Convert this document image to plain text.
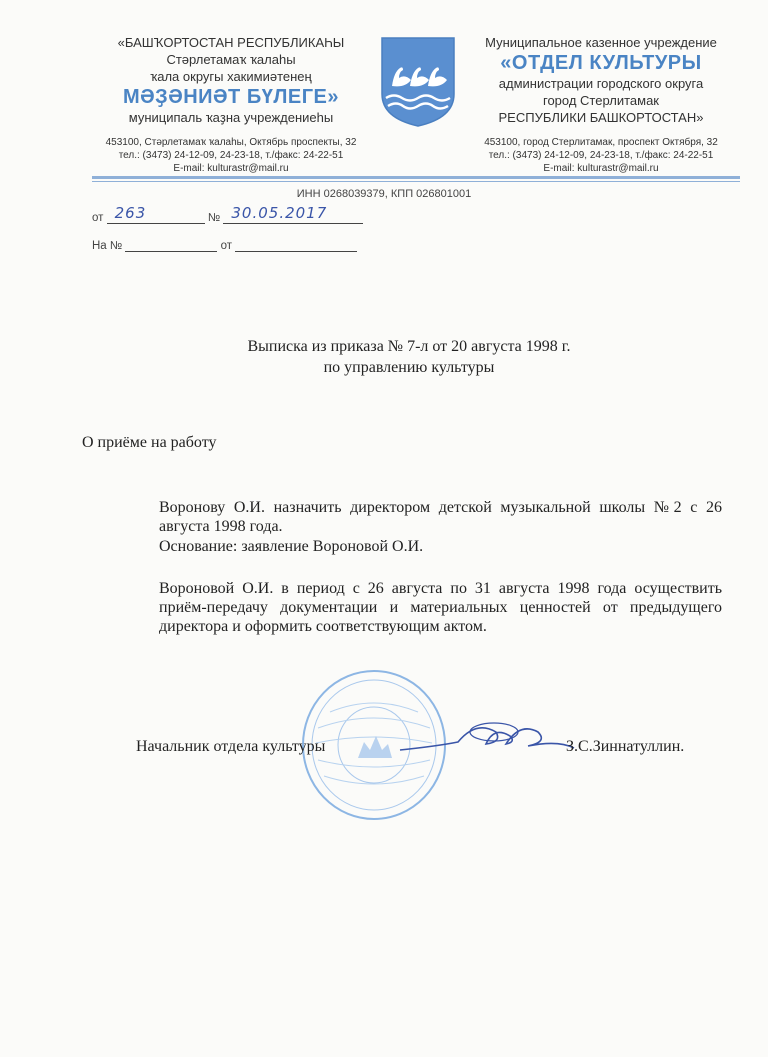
«БАШҠОРТОСТАН РЕСПУБЛИКАҺЫ
Стәрлетамаҡ ҡалаһы
ҡала округы хакимиәтенең
МӘҘӘНИӘТ БҮЛЕГЕ»
муниципаль ҡаҙна учреждениеһы
453100, Стәрлетамаҡ ҡалаһы, Октябрь проспекты, 32
тел.: (3473) 24-12-09, 24-23-18, т./факс: 24-22-51
E-mail: kulturastr@mail.ru
Муниципальное казенное учреждение
«ОТДЕЛ КУЛЬТУРЫ
администрации городского округа
город Стерлитамак
РЕСПУБЛИКИ БАШКОРТОСТАН»
453100, город Стерлитамак, проспект Октября, 32
тел.: (3473) 24-12-09, 24-23-18, т./факс: 24-22-51
E-mail: kulturastr@mail.ru
ИНН 0268039379, КПП 026801001
от 263	№ 30.05.2017
На №	от
Выписка из приказа № 7-л от 20 августа 1998 г.
по управлению культуры
О приёме на работу
Воронову О.И. назначить директором детской музыкальной школы №2 с 26 августа 1998 года.
Основание: заявление Вороновой О.И.
Вороновой О.И. в период с 26 августа по 31 августа 1998 года осуществить приём-передачу документации и материальных ценностей от предыдущего директора и оформить соответствующим актом.
Начальник отдела культуры	З.С.Зиннатуллин.
